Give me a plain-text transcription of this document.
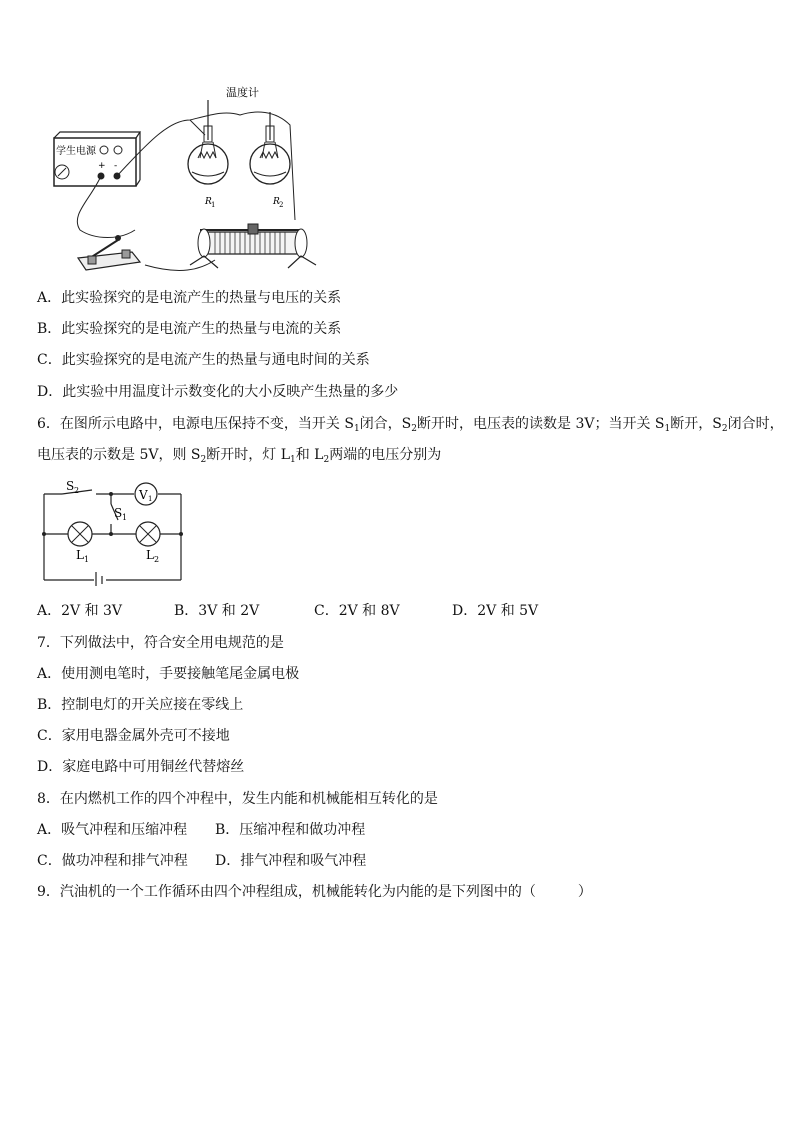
学生电源
+ -
温度计
R 1	R 2
A．此实验探究的是电流产生的热量与电压的关系
B．此实验探究的是电流产生的热量与电流的关系
C．此实验探究的是电流产生的热量与通电时间的关系
D．此实验中用温度计示数变化的大小反映产生热量的多少
6．在图所示电路中，电源电压保持不变，当开关 $S_1$闭合，$S_2$断开时，电压表的读数是 3V；当开关 $S_1$断开，$S_2$闭合时，
电压表的示数是 5V，则 $S_2$断开时，灯 $L_1$和 $L_2$两端的电压分别为
V 1
S 2
S 1
L 1	L 2
A．2V 和 3V	B．3V 和 2V	C．2V 和 8V	D．2V 和 5V
7．下列做法中，符合安全用电规范的是
A．使用测电笔时，手要接触笔尾金属电极
B．控制电灯的开关应接在零线上
C．家用电器金属外壳可不接地
D．家庭电路中可用铜丝代替熔丝
8．在内燃机工作的四个冲程中，发生内能和机械能相互转化的是
A．吸气冲程和压缩冲程 B．压缩冲程和做功冲程
C．做功冲程和排气冲程 D．排气冲程和吸气冲程
9．汽油机的一个工作循环由四个冲程组成，机械能转化为内能的是下列图中的（　　　）
